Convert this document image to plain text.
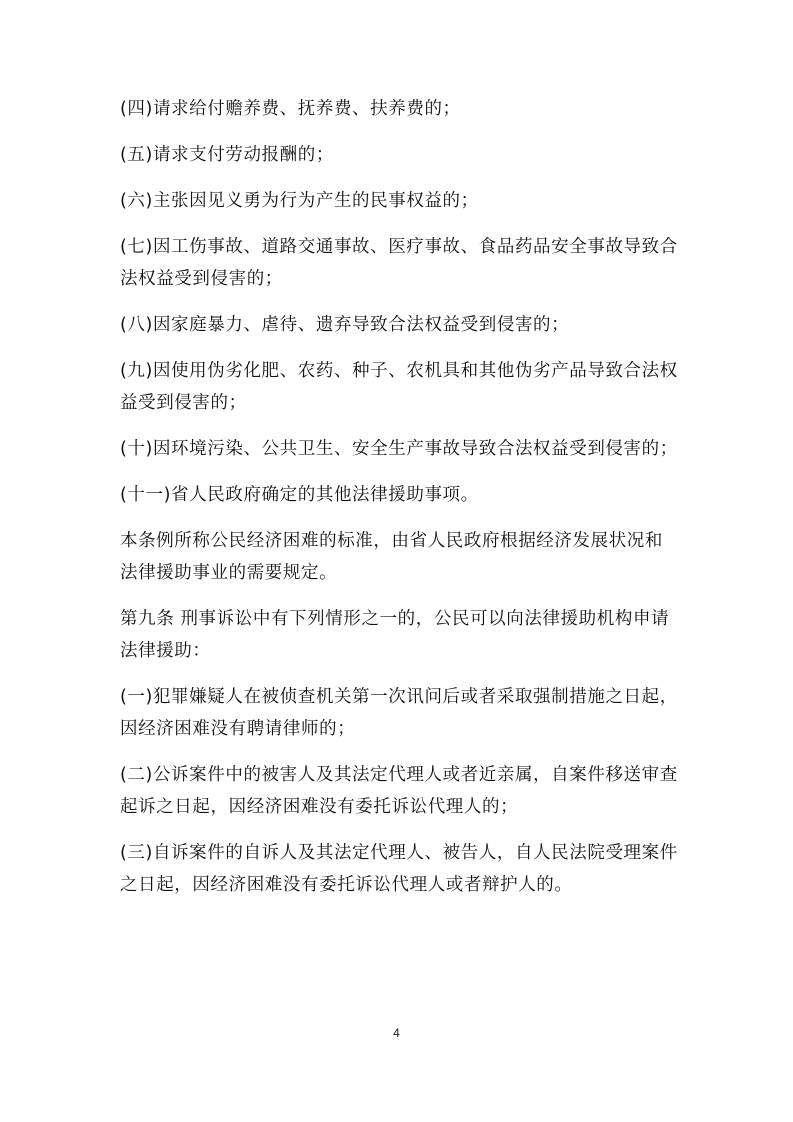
(四)请求给付赡养费、抚养费、扶养费的；

(五)请求支付劳动报酬的；

(六)主张因见义勇为行为产生的民事权益的；

(七)因工伤事故、道路交通事故、医疗事故、食品药品安全事故导致合法权益受到侵害的；

(八)因家庭暴力、虐待、遗弃导致合法权益受到侵害的；

(九)因使用伪劣化肥、农药、种子、农机具和其他伪劣产品导致合法权益受到侵害的；

(十)因环境污染、公共卫生、安全生产事故导致合法权益受到侵害的；

(十一)省人民政府确定的其他法律援助事项。

本条例所称公民经济困难的标准，由省人民政府根据经济发展状况和法律援助事业的需要规定。

第九条 刑事诉讼中有下列情形之一的，公民可以向法律援助机构申请法律援助：

(一)犯罪嫌疑人在被侦查机关第一次讯问后或者采取强制措施之日起，因经济困难没有聘请律师的；

(二)公诉案件中的被害人及其法定代理人或者近亲属，自案件移送审查起诉之日起，因经济困难没有委托诉讼代理人的；

(三)自诉案件的自诉人及其法定代理人、被告人，自人民法院受理案件之日起，因经济困难没有委托诉讼代理人或者辩护人的。

4
